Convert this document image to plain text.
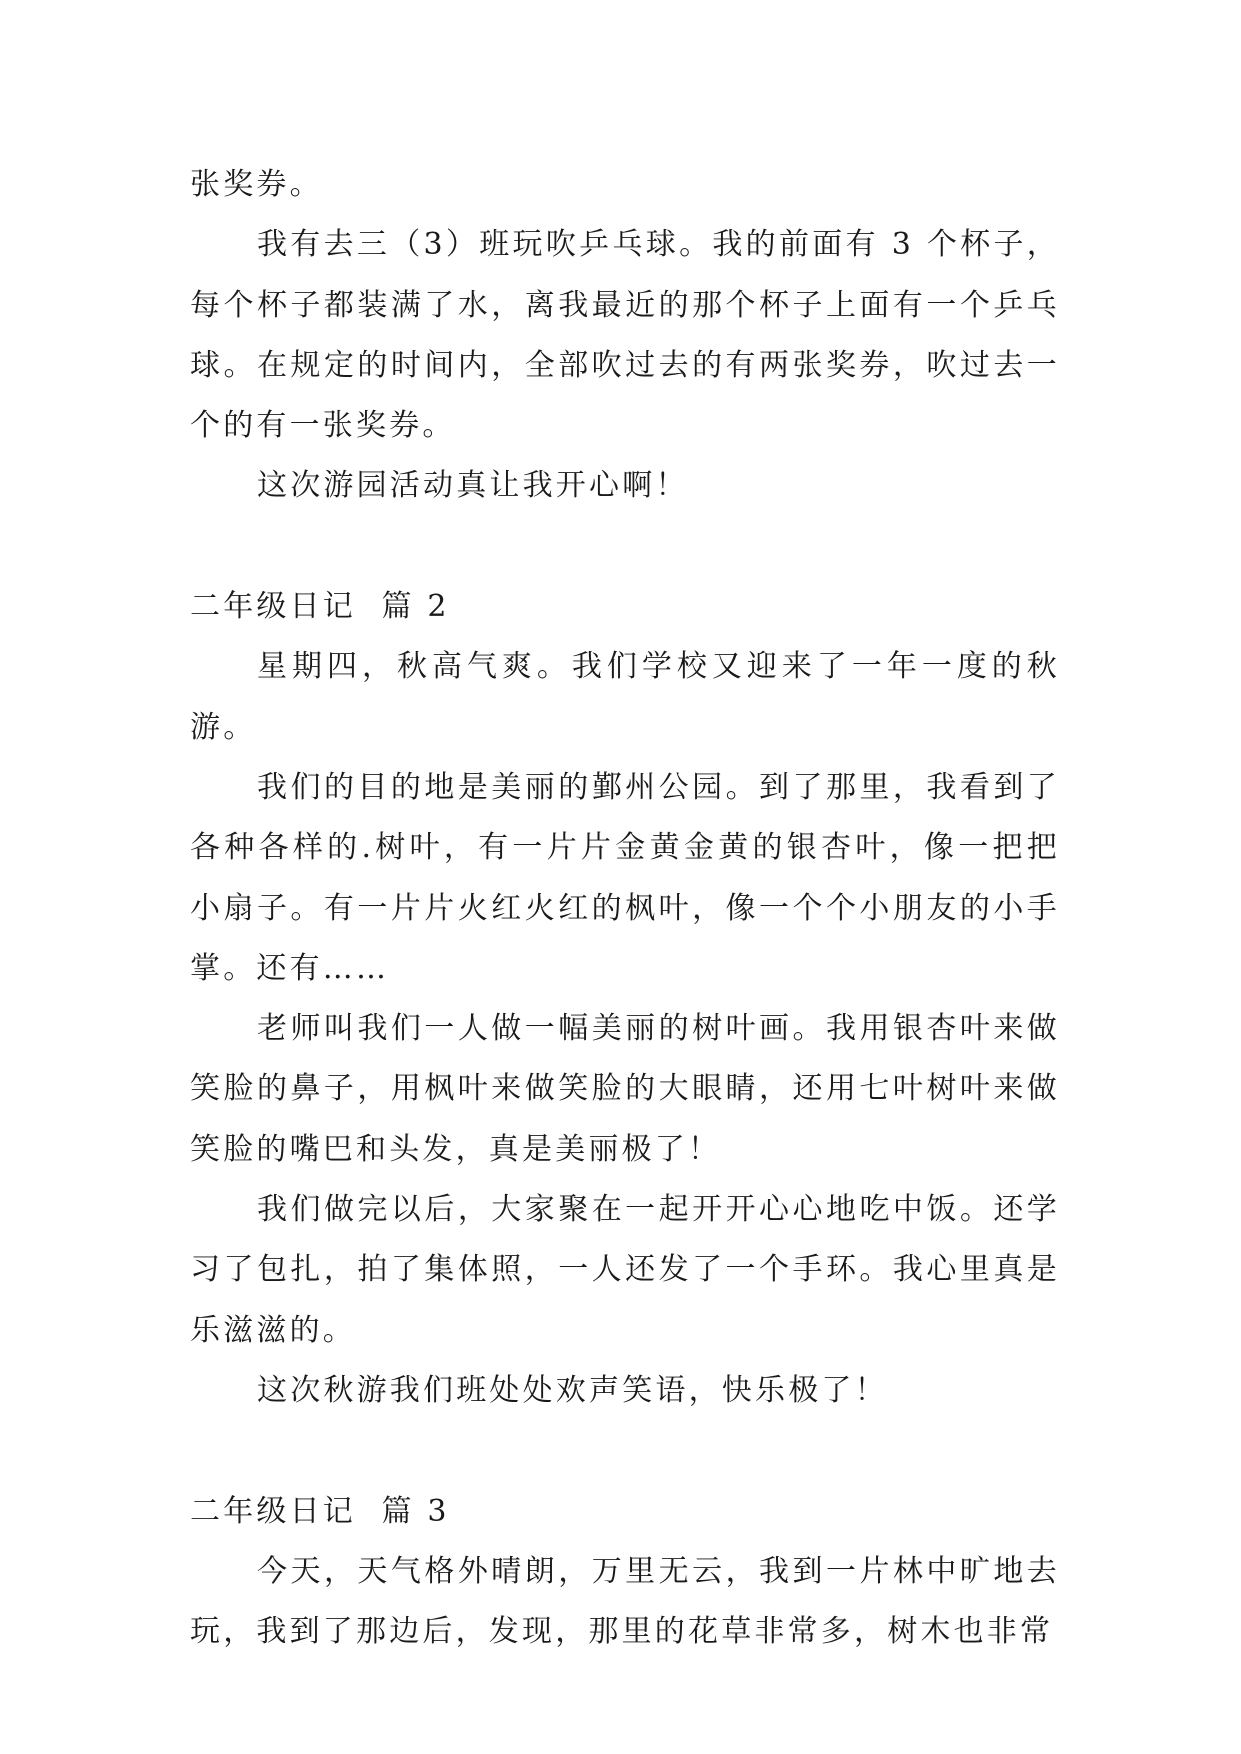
张奖券。

我有去三（3）班玩吹乒乓球。我的前面有 3 个杯子，每个杯子都装满了水，离我最近的那个杯子上面有一个乒乓球。在规定的时间内，全部吹过去的有两张奖券，吹过去一个的有一张奖券。

这次游园活动真让我开心啊！

二年级日记  篇 2

星期四，秋高气爽。我们学校又迎来了一年一度的秋游。

我们的目的地是美丽的鄞州公园。到了那里，我看到了各种各样的.树叶，有一片片金黄金黄的银杏叶，像一把把小扇子。有一片片火红火红的枫叶，像一个个小朋友的小手掌。还有……

老师叫我们一人做一幅美丽的树叶画。我用银杏叶来做笑脸的鼻子，用枫叶来做笑脸的大眼睛，还用七叶树叶来做笑脸的嘴巴和头发，真是美丽极了！

我们做完以后，大家聚在一起开开心心地吃中饭。还学习了包扎，拍了集体照，一人还发了一个手环。我心里真是乐滋滋的。

这次秋游我们班处处欢声笑语，快乐极了！

二年级日记  篇 3

今天，天气格外晴朗，万里无云，我到一片林中旷地去玩，我到了那边后，发现，那里的花草非常多，树木也非常
